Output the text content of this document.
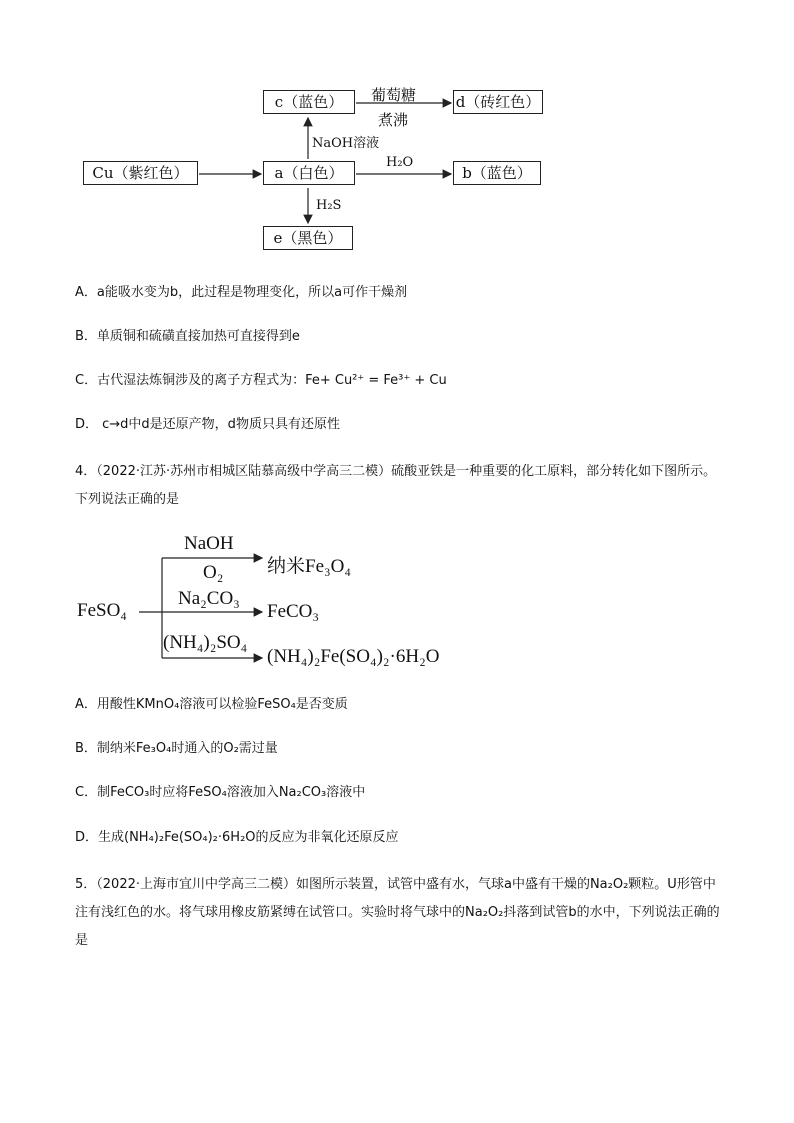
c（蓝色）	d（砖红色）
Cu（紫红色）	a（白色）	b（蓝色）
e（黑色）
葡萄糖
煮沸
NaOH溶液
H₂O
H₂S
A．a能吸水变为b，此过程是物理变化，所以a可作干燥剂
B．单质铜和硫磺直接加热可直接得到e
C．古代湿法炼铜涉及的离子方程式为：Fe+ Cu²⁺ = Fe³⁺ + Cu
D． c→d中d是还原产物，d物质只具有还原性
4．（2022·江苏·苏州市相城区陆慕高级中学高三二模）硫酸亚铁是一种重要的化工原料，部分转化如下图所示。下列说法正确的是
FeSO₄
NaOH
O₂ 纳米Fe₃O₄
Na₂CO₃
FeCO₃
(NH₄)₂SO₄
(NH₄)₂Fe(SO₄)₂·6H₂O
A．用酸性KMnO₄溶液可以检验FeSO₄是否变质
B．制纳米Fe₃O₄时通入的O₂需过量
C．制FeCO₃时应将FeSO₄溶液加入Na₂CO₃溶液中
D．生成(NH₄)₂Fe(SO₄)₂·6H₂O的反应为非氧化还原反应
5．（2022·上海市宜川中学高三二模）如图所示装置，试管中盛有水，气球a中盛有干燥的Na₂O₂颗粒。U形管中注有浅红色的水。将气球用橡皮筋紧缚在试管口。实验时将气球中的Na₂O₂抖落到试管b的水中，下列说法正确的是
